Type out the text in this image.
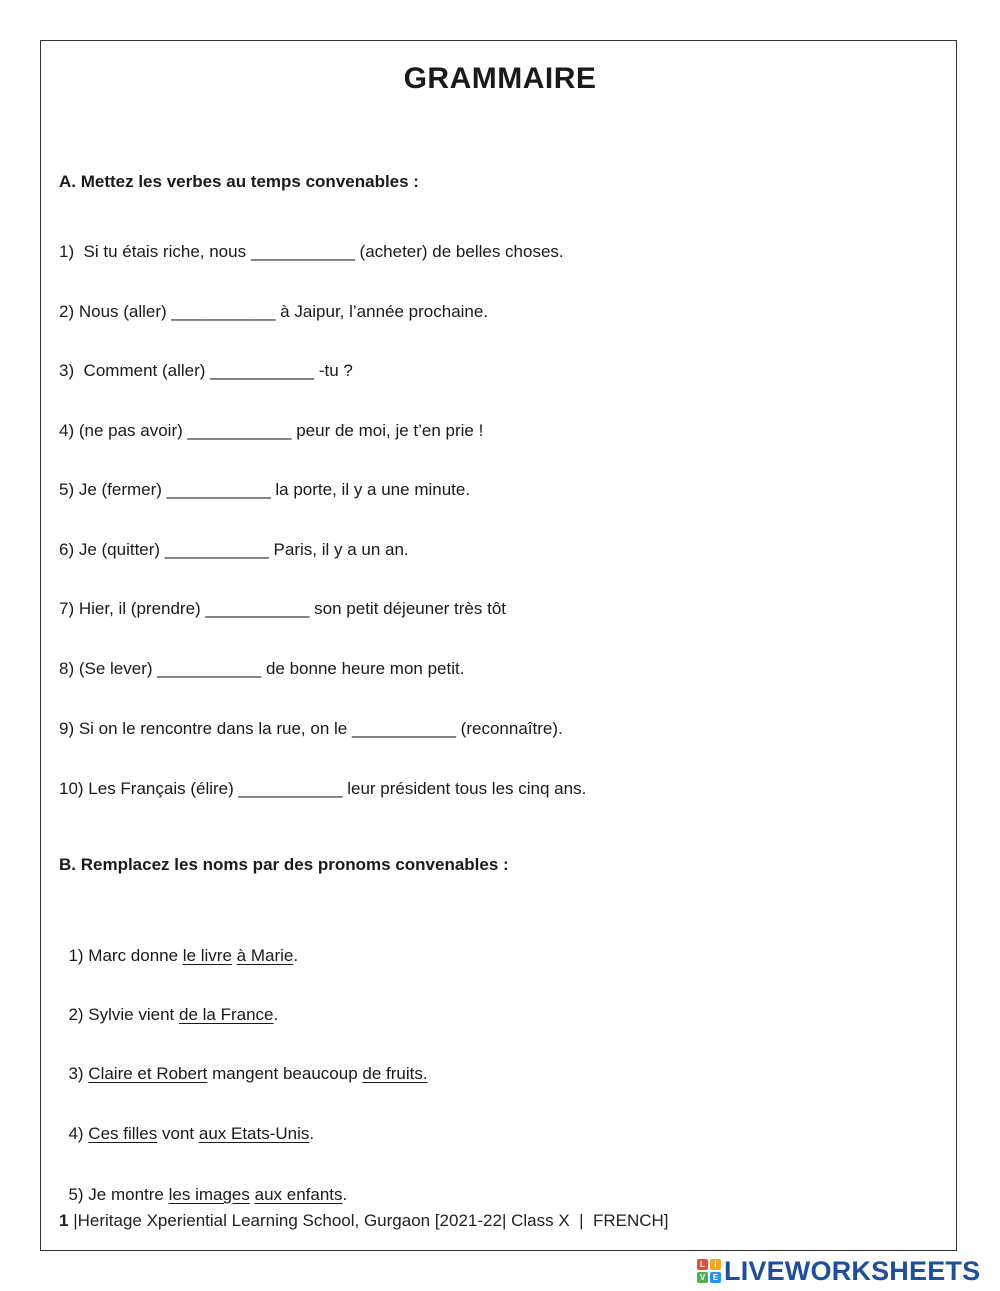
GRAMMAIRE
A. Mettez les verbes au temps convenables :
1)  Si tu étais riche, nous ___________ (acheter) de belles choses.
2) Nous (aller) ___________ à Jaipur, l’année prochaine.
3)  Comment (aller) ___________ -tu ?
4) (ne pas avoir) ___________ peur de moi, je t’en prie !
5) Je (fermer) ___________ la porte, il y a une minute.
6) Je (quitter) ___________ Paris, il y a un an.
7) Hier, il (prendre) ___________ son petit déjeuner très tôt
8) (Se lever) ___________ de bonne heure mon petit.
9) Si on le rencontre dans la rue, on le ___________ (reconnaître).
10) Les Français (élire) ___________ leur président tous les cinq ans.
B. Remplacez les noms par des pronoms convenables :

1) Marc donne le livre à Marie.

2) Sylvie vient de la France.

3) Claire et Robert mangent beaucoup de fruits.

4) Ces filles vont aux Etats-Unis.

5) Je montre les images aux enfants.

1 |Heritage Xperiential Learning School, Gurgaon [2021-22| Class X  |  FRENCH]
L	I
V E LIVEWORKSHEETS
